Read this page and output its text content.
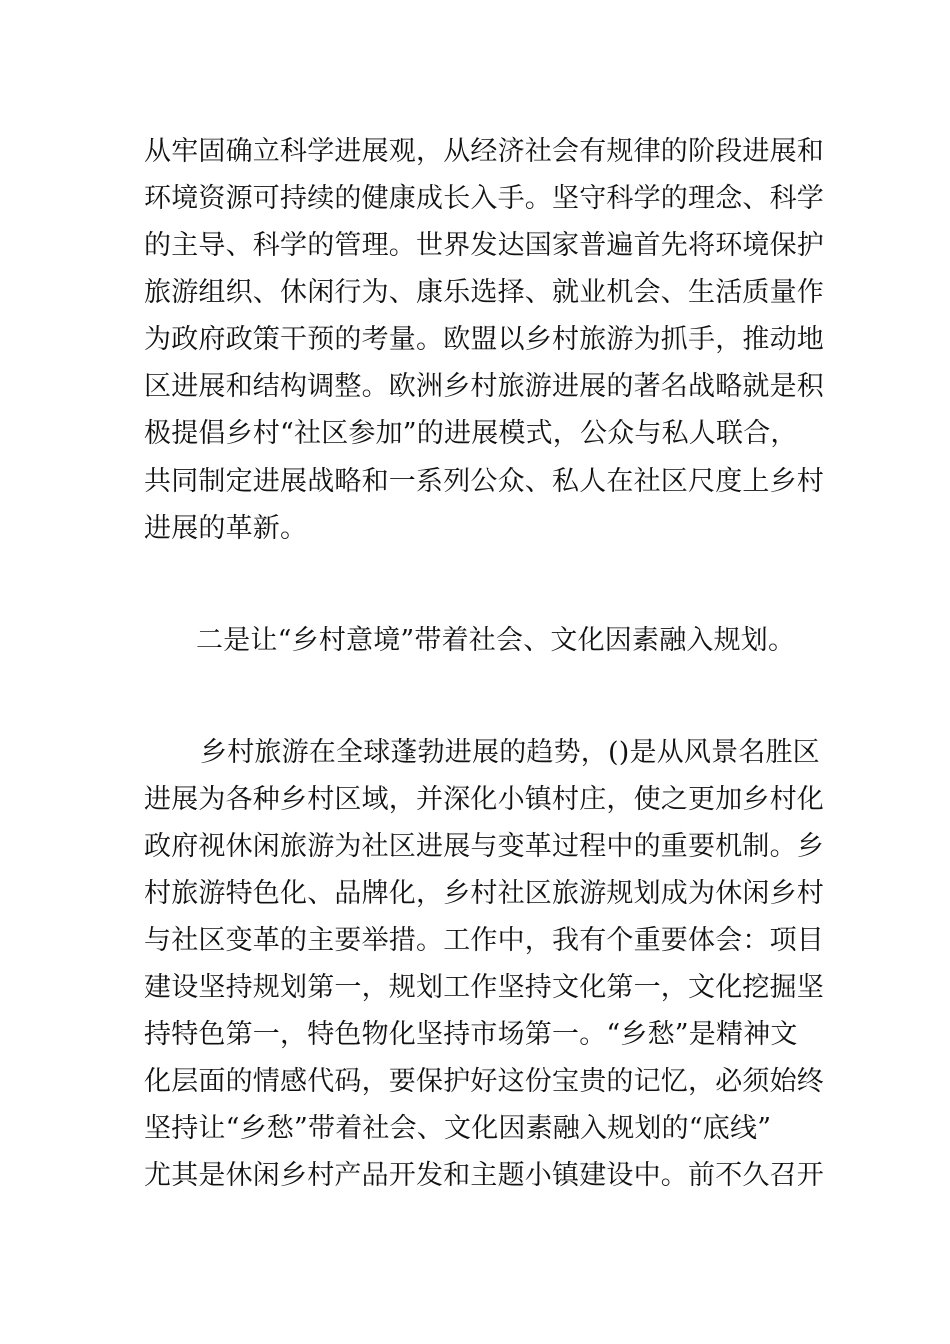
从牢固确立科学进展观，从经济社会有规律的阶段进展和
环境资源可持续的健康成长入手。坚守科学的理念、科学
的主导、科学的管理。世界发达国家普遍首先将环境保护
旅游组织、休闲行为、康乐选择、就业机会、生活质量作
为政府政策干预的考量。欧盟以乡村旅游为抓手，推动地
区进展和结构调整。欧洲乡村旅游进展的著名战略就是积
极提倡乡村“社区参加”的进展模式，公众与私人联合，
共同制定进展战略和一系列公众、私人在社区尺度上乡村
进展的革新。
二是让“乡村意境”带着社会、文化因素融入规划。
乡村旅游在全球蓬勃进展的趋势，()是从风景名胜区
进展为各种乡村区域，并深化小镇村庄，使之更加乡村化
政府视休闲旅游为社区进展与变革过程中的重要机制。乡
村旅游特色化、品牌化，乡村社区旅游规划成为休闲乡村
与社区变革的主要举措。工作中，我有个重要体会：项目
建设坚持规划第一，规划工作坚持文化第一，文化挖掘坚
持特色第一，特色物化坚持市场第一。“乡愁”是精神文
化层面的情感代码，要保护好这份宝贵的记忆，必须始终
坚持让“乡愁”带着社会、文化因素融入规划的“底线”
尤其是休闲乡村产品开发和主题小镇建设中。前不久召开
